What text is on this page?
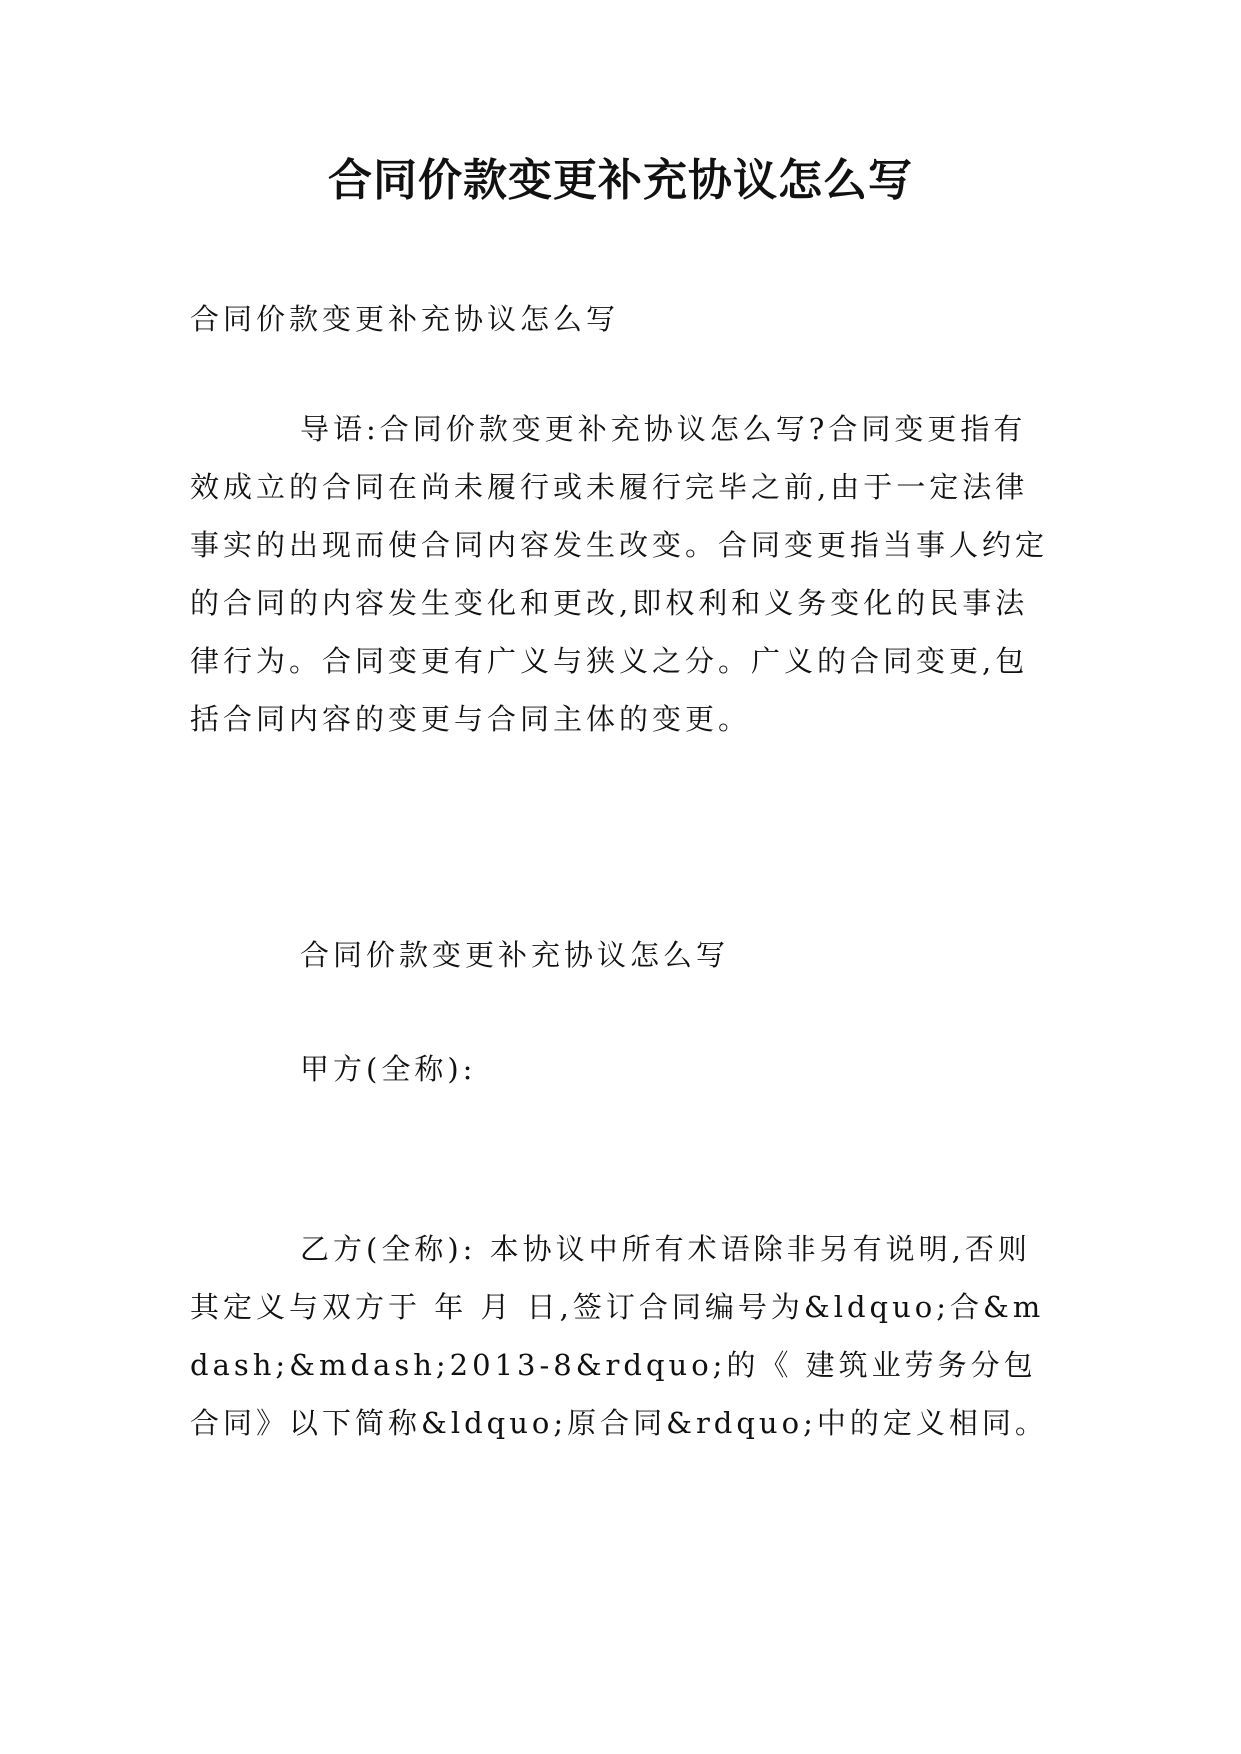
合同价款变更补充协议怎么写

合同价款变更补充协议怎么写

导语:合同价款变更补充协议怎么写?合同变更指有效成立的合同在尚未履行或未履行完毕之前,由于一定法律事实的出现而使合同内容发生改变。合同变更指当事人约定的合同的内容发生变化和更改,即权利和义务变化的民事法律行为。合同变更有广义与狭义之分。广义的合同变更,包括合同内容的变更与合同主体的变更。

合同价款变更补充协议怎么写

甲方(全称):

乙方(全称): 本协议中所有术语除非另有说明,否则其定义与双方于 年 月 日,签订合同编号为&ldquo;合&mdash;&mdash;2013-8&rdquo;的《 建筑业劳务分包合同》以下简称&ldquo;原合同&rdquo;中的定义相同。
